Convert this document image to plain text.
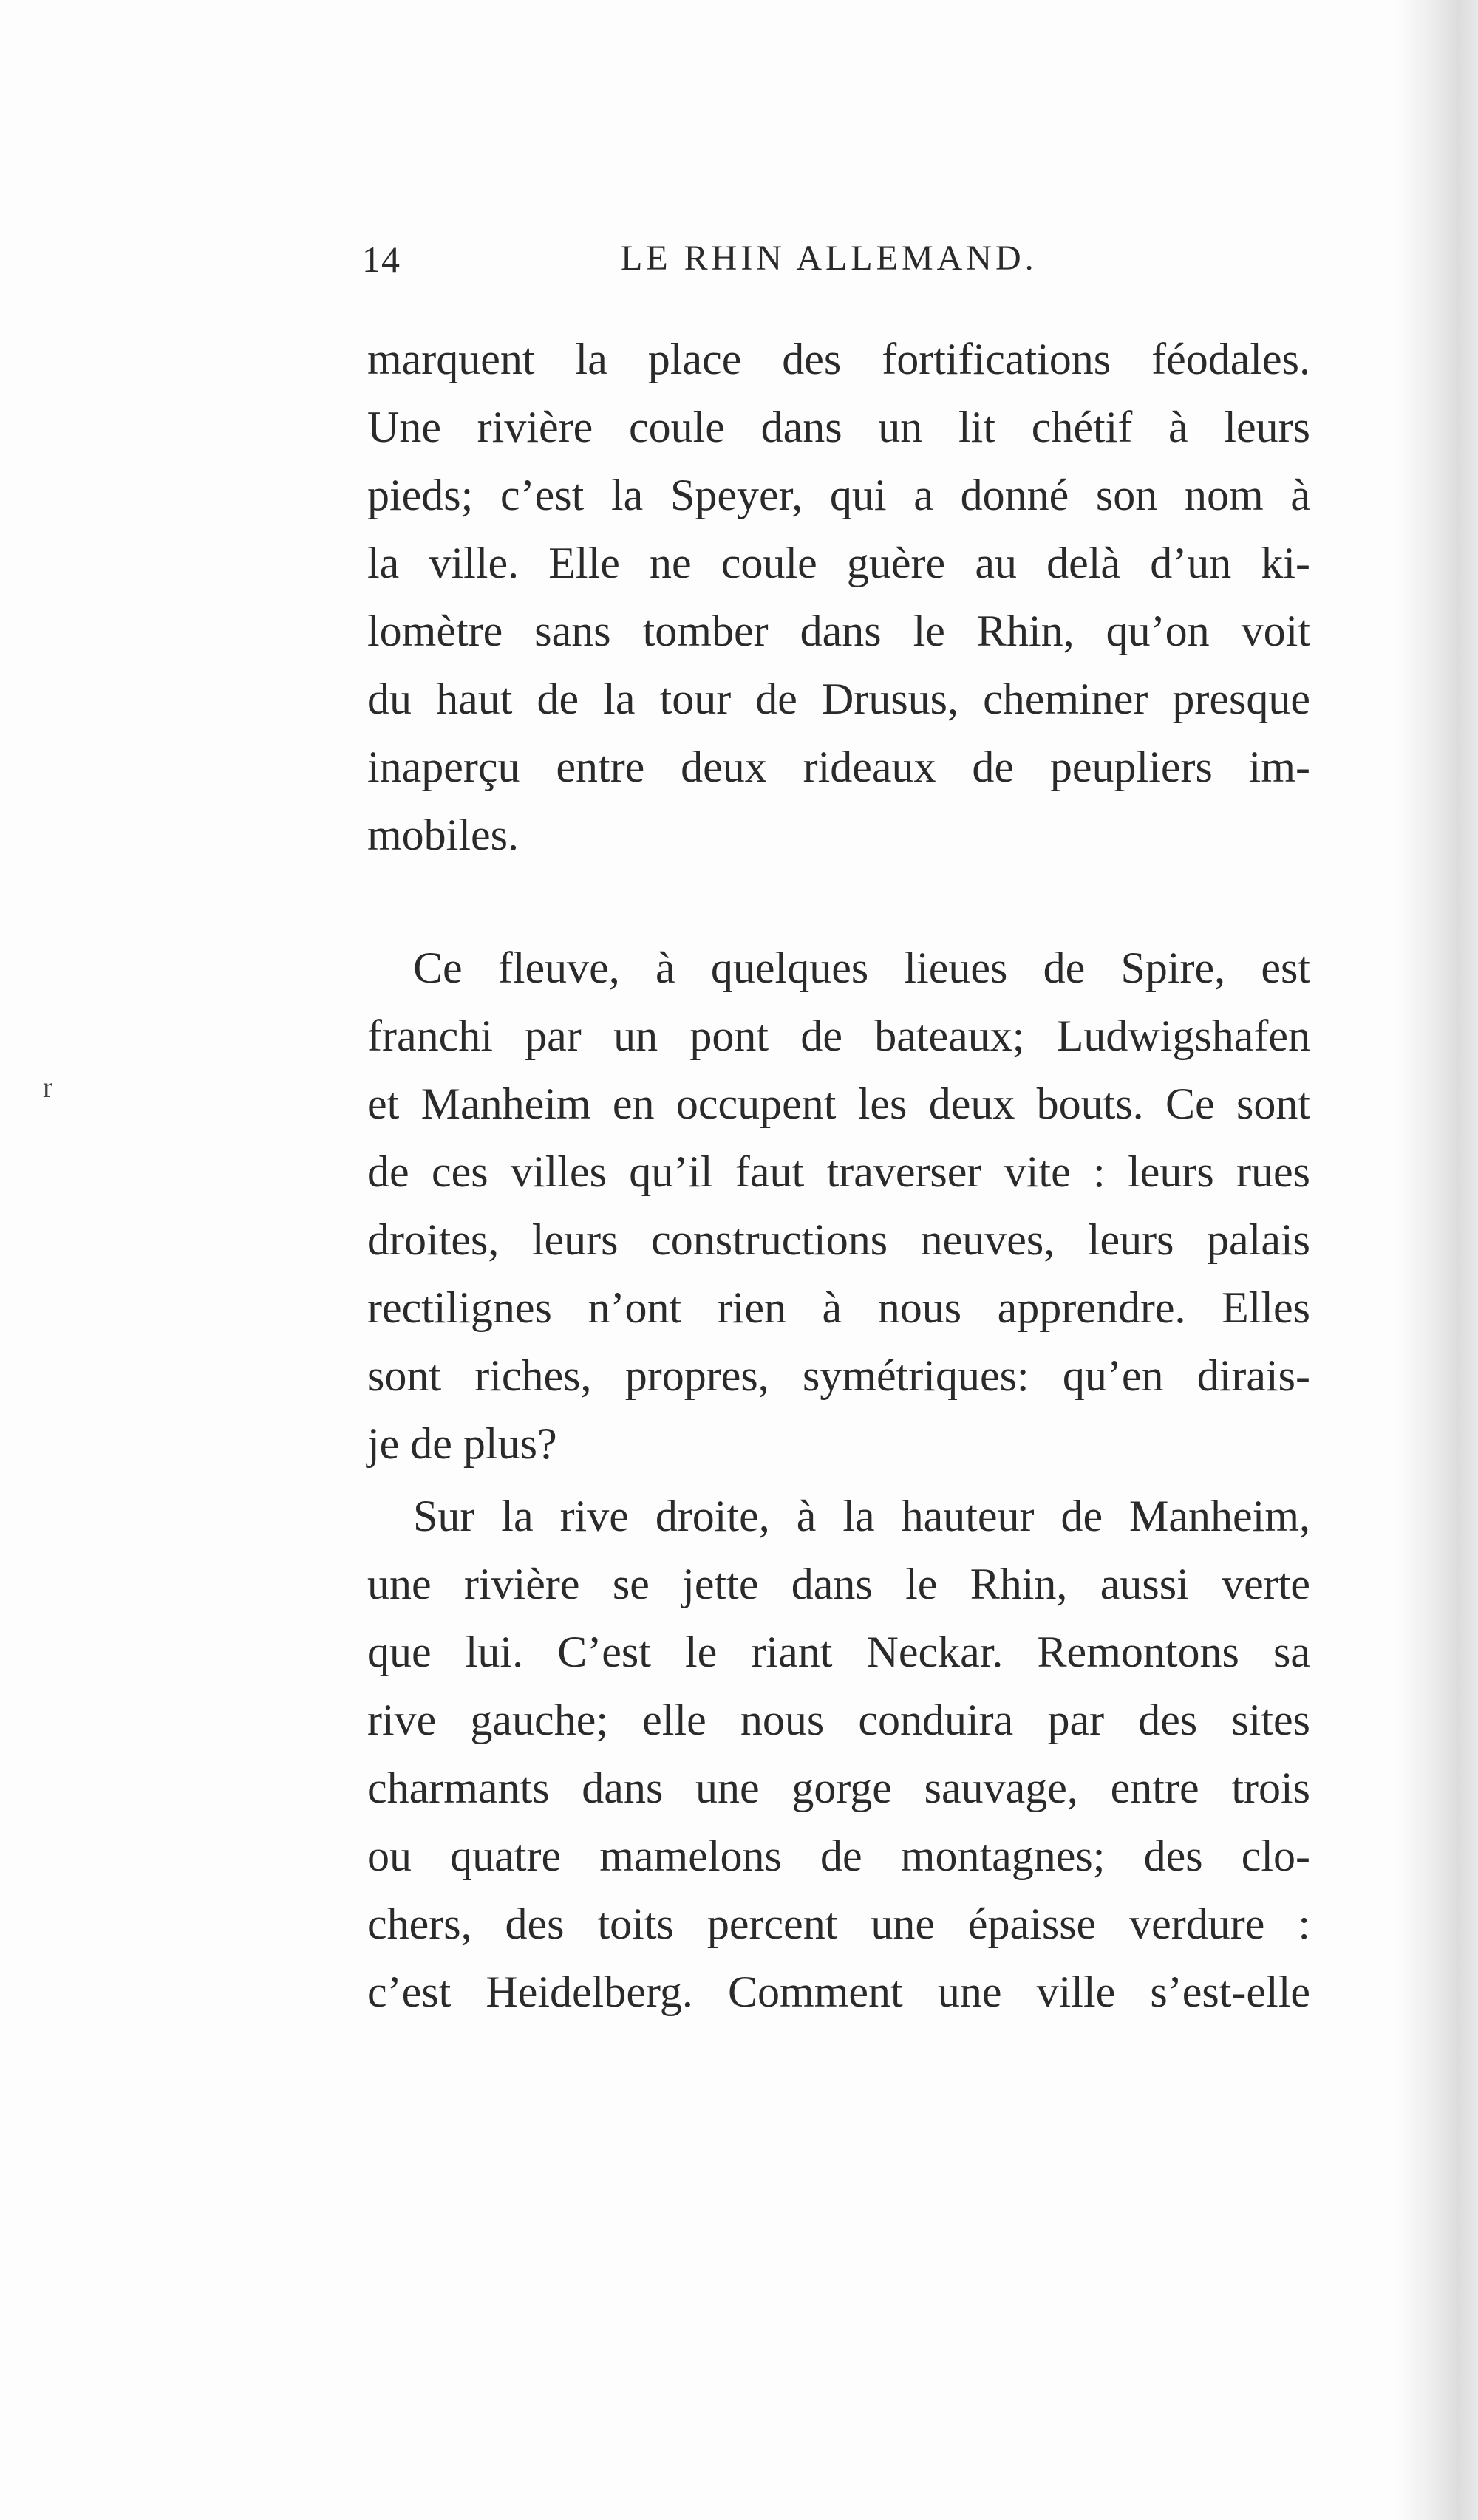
r
14	LE RHIN ALLEMAND.
marquent la place des fortifications féodales.
Une rivière coule dans un lit chétif à leurs
pieds; c’est la Speyer, qui a donné son nom à
la ville. Elle ne coule guère au delà d’un ki-
lomètre sans tomber dans le Rhin, qu’on voit
du haut de la tour de Drusus, cheminer presque
inaperçu entre deux rideaux de peupliers im-
mobiles.
Ce fleuve, à quelques lieues de Spire, est
franchi par un pont de bateaux; Ludwigshafen
et Manheim en occupent les deux bouts. Ce sont
de ces villes qu’il faut traverser vite : leurs rues
droites, leurs constructions neuves, leurs palais
rectilignes n’ont rien à nous apprendre. Elles
sont riches, propres, symétriques: qu’en dirais-
je de plus?
Sur la rive droite, à la hauteur de Manheim,
une rivière se jette dans le Rhin, aussi verte
que lui. C’est le riant Neckar. Remontons sa
rive gauche; elle nous conduira par des sites
charmants dans une gorge sauvage, entre trois
ou quatre mamelons de montagnes; des clo-
chers, des toits percent une épaisse verdure :
c’est Heidelberg. Comment une ville s’est-elle
